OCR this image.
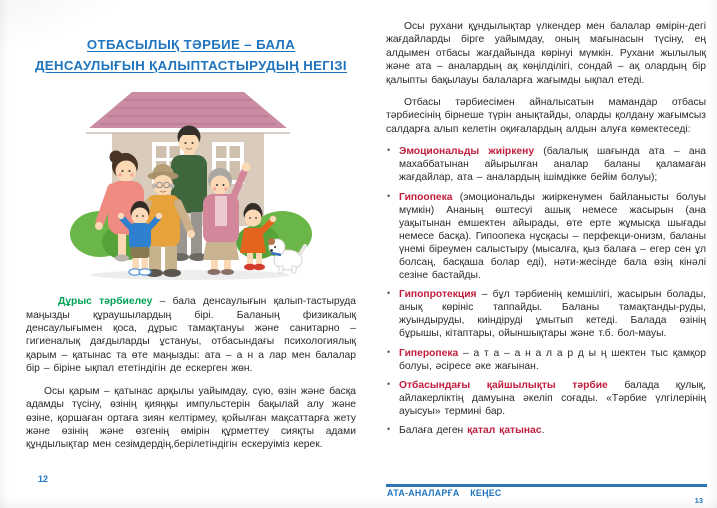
ОТБАСЫЛЫҚ ТӘРБИЕ – БАЛА
ДЕНСАУЛЫҒЫН ҚАЛЫПТАСТЫРУДЫҢ НЕГІЗІ

Дұрыс тәрбиелеу – бала денсаулығын қалып-тастыруда маңызды құраушылардың бірі. Баланың физикалық денсаулығымен қоса, дұрыс тамақтануы және санитарно – гигиеналық дағдыларды ұстануы, отбасындағы психологиялық қарым – қатынас та өте маңызды: ата – а н а лар мен балалар бір – біріне ықпал ететіндігін де ескерген жөн.

Осы қарым – қатынас арқылы уайымдау, сүю, өзін және басқа адамды түсіну, өзінің қияңқы импульстерін бақылай алу және өзіне, қоршаған ортаға зиян келтірмеу, қойылған мақсаттарға жету және өзінің және өзгенің өмірін құрметтеу сияқты адами құндылықтар мен сезімдердің,берілетіндігін ескеруіміз керек.

Осы рухани құндылықтар үлкендер мен балалар өмірін-дегі жағдайларды бірге уайымдау, оның мағынасын түсіну, ең алдымен отбасы жағдайында көрінуі мүмкін. Рухани жылылық және ата – аналардың ақ көңілділігі, сондай – ақ олардың бір қалыпты бақылауы балаларға жағымды ықпал етеді.

Отбасы тәрбиесімен айналысатын мамандар отбасы тәрбиесінің бірнеше түрін анықтайды, оларды қолдану жағымсыз салдарға алып келетін оқиғалардың алдын алуға көмектеседі:

• Эмоциональды жиіркену (балалық шағында ата – ана махаббатынан айырылған аналар баланы қаламаған жағдайлар, ата – аналардың ішімдікке бейім болуы);
• Гипоопека (эмоциональды жиіркенумен байланысты болуы мүмкін) Ананың өштесуі ашық немесе жасырын (ана уақытынан емшектен айырады, өте ерте жұмысқа шығады немесе басқа). Гипоопека нұсқасы – перфекци-онизм, баланы үнемі біреумен салыстыру (мысалға, қыз балаға – егер сен ұл болсаң, басқаша болар еді), нәти-жесінде бала өзің кінәлі сезіне бастайды.
• Гипопротекция – бұл тәрбиенің кемшілігі, жасырын болады, анық көрініс таппайды. Баланы тамақтанды-руды, жуындыруды, киіндіруді ұмытып кетеді. Балада өзінің бұрышы, кітаптары, ойыншықтары және т.б. бол-мауы.
• Гиперопека – а т а – а н а л а р д ы ң шектен тыс қамқор болуы, әсіресе әке жағынан.
• Отбасындағы қайшылықты тәрбие балада қулық, айлакерліктің дамуына әкеліп соғады. «Тәрбие үлгілерінің ауысуы» термині бар.
• Балаға деген қатал қатынас.
АТА-АНАЛАРҒА КЕҢЕС
12
13
